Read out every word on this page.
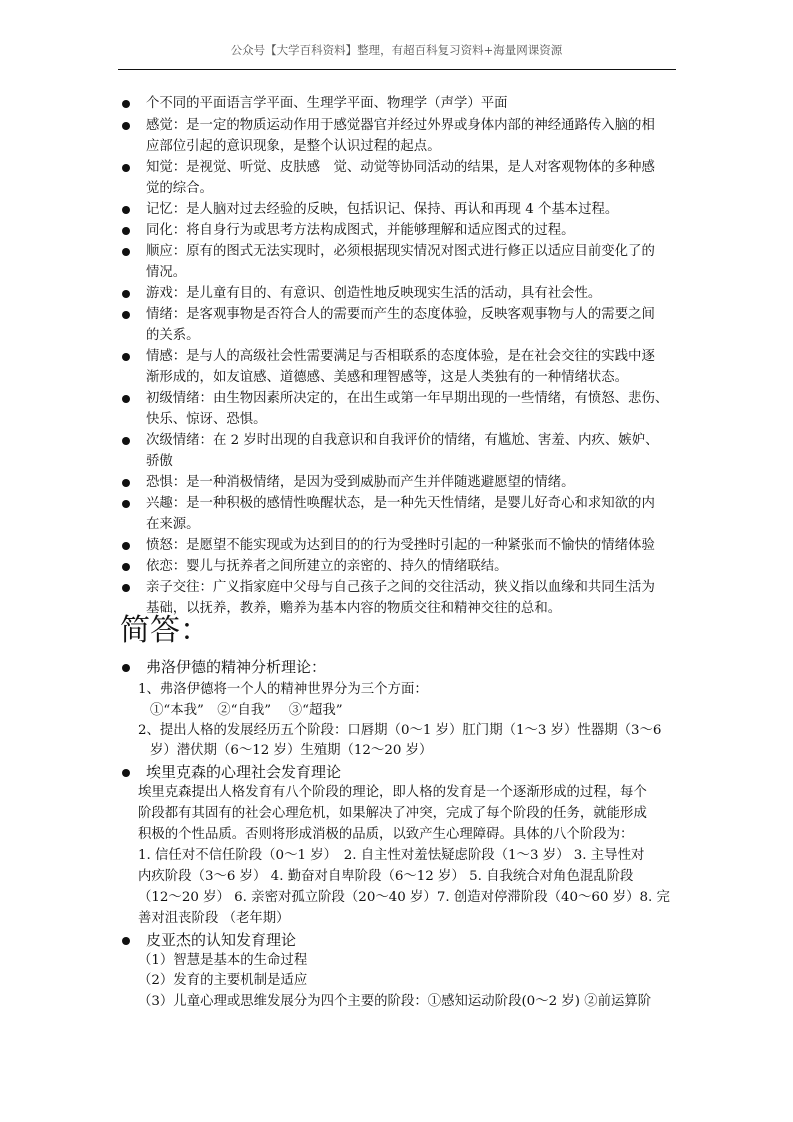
公众号【大学百科资料】整理，有超百科复习资料+海量网课资源
简答：
个不同的平面语言学平面、生理学平面、物理学（声学）平面
感觉：是一定的物质运动作用于感觉器官并经过外界或身体内部的神经通路传入脑的相
应部位引起的意识现象，是整个认识过程的起点。
知觉：是视觉、听觉、皮肤感　觉、动觉等协同活动的结果，是人对客观物体的多种感
觉的综合。
记忆：是人脑对过去经验的反映，包括识记、保持、再认和再现 4 个基本过程。
同化：将自身行为或思考方法构成图式，并能够理解和适应图式的过程。
顺应：原有的图式无法实现时，必须根据现实情况对图式进行修正以适应目前变化了的
情况。
游戏：是儿童有目的、有意识、创造性地反映现实生活的活动，具有社会性。
情绪：是客观事物是否符合人的需要而产生的态度体验，反映客观事物与人的需要之间
的关系。
情感：是与人的高级社会性需要满足与否相联系的态度体验，是在社会交往的实践中逐
渐形成的，如友谊感、道德感、美感和理智感等，这是人类独有的一种情绪状态。
初级情绪：由生物因素所决定的，在出生或第一年早期出现的一些情绪，有愤怒、悲伤、
快乐、惊讶、恐惧。
次级情绪：在 2 岁时出现的自我意识和自我评价的情绪，有尴尬、害羞、内疚、嫉妒、
骄傲
恐惧：是一种消极情绪，是因为受到威胁而产生并伴随逃避愿望的情绪。
兴趣：是一种积极的感情性唤醒状态，是一种先天性情绪，是婴儿好奇心和求知欲的内
在来源。
愤怒：是愿望不能实现或为达到目的的行为受挫时引起的一种紧张而不愉快的情绪体验
依恋：婴儿与抚养者之间所建立的亲密的、持久的情绪联结。
亲子交往：广义指家庭中父母与自己孩子之间的交往活动，狭义指以血缘和共同生活为
基础，以抚养，教养，赡养为基本内容的物质交往和精神交往的总和。
弗洛伊德的精神分析理论：
1、弗洛伊德将一个人的精神世界分为三个方面：
①“本我”　②“自我”　 ③“超我”
2、提出人格的发展经历五个阶段：口唇期（0～1 岁）肛门期（1～3 岁）性器期（3～6
岁）潜伏期（6～12 岁）生殖期（12～20 岁）
埃里克森的心理社会发育理论
埃里克森提出人格发育有八个阶段的理论，即人格的发育是一个逐渐形成的过程，每个
阶段都有其固有的社会心理危机，如果解决了冲突，完成了每个阶段的任务，就能形成
积极的个性品质。否则将形成消极的品质，以致产生心理障碍。具体的八个阶段为：
1. 信任对不信任阶段（0～1 岁）　2. 自主性对羞怯疑虑阶段（1～3 岁） 3. 主导性对
内疚阶段（3～6 岁） 4. 勤奋对自卑阶段（6～12 岁） 5. 自我统合对角色混乱阶段
（12～20 岁） 6. 亲密对孤立阶段（20～40 岁）7. 创造对停滞阶段（40～60 岁）8. 完
善对沮丧阶段 （老年期）
皮亚杰的认知发育理论
（1）智慧是基本的生命过程
（2）发育的主要机制是适应
（3）儿童心理或思维发展分为四个主要的阶段：①感知运动阶段(0～2 岁) ②前运算阶
